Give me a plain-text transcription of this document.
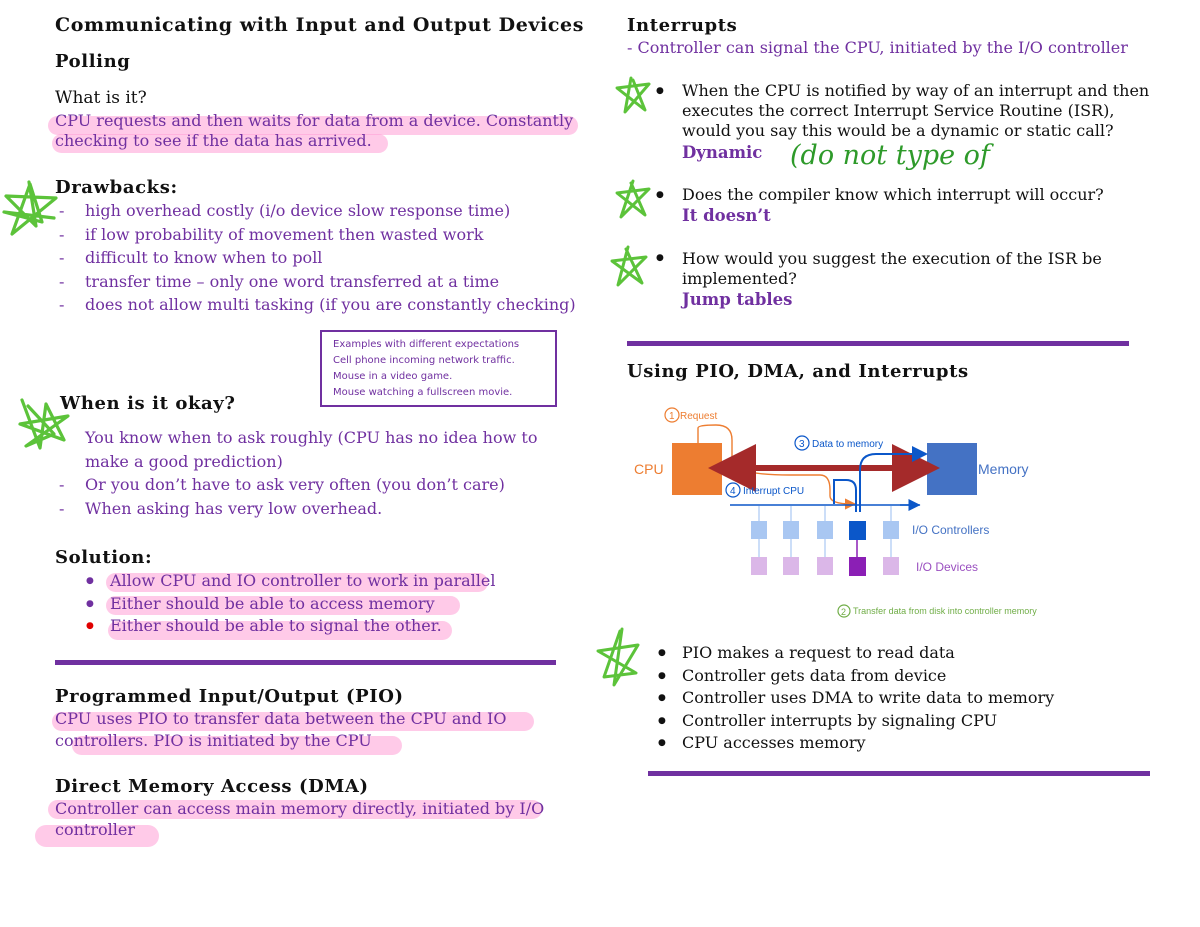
Communicating with Input and Output Devices
Polling
What is it?
CPU requests and then waits for data from a device. Constantly
checking to see if the data has arrived.
Drawbacks:
- high overhead costly (i/o device slow response time)
- if low probability of movement then wasted work
- difficult to know when to poll
- transfer time – only one word transferred at a time
- does not allow multi tasking (if you are constantly checking)
Examples with different expectations
Cell phone incoming network traffic.
Mouse in a video game.
Mouse watching a fullscreen movie.
When is it okay?
- You know when to ask roughly (CPU has no idea how to make a good prediction)
- Or you don’t have to ask very often (you don’t care)
- When asking has very low overhead.
Solution:
● Allow CPU and IO controller to work in parallel
● Either should be able to access memory
● Either should be able to signal the other.
Programmed Input/Output (PIO)
CPU uses PIO to transfer data between the CPU and IO
controllers. PIO is initiated by the CPU
Direct Memory Access (DMA)
Controller can access main memory directly, initiated by I/O
controller
Interrupts
- Controller can signal the CPU, initiated by the I/O controller
● When the CPU is notified by way of an interrupt and then executes the correct Interrupt Service Routine (ISR), would you say this would be a dynamic or static call?
Dynamic (do not type of
● Does the compiler know which interrupt will occur?
It doesn’t
● How would you suggest the execution of the ISR be implemented?
Jump tables
Using PIO, DMA, and Interrupts
1 Request
CPU	Memory
3 Data to memory
4 Interrupt CPU
I/O Controllers
I/O Devices
2 Transfer data from disk into controller memory
● PIO makes a request to read data
● Controller gets data from device
● Controller uses DMA to write data to memory
● Controller interrupts by signaling CPU
● CPU accesses memory
